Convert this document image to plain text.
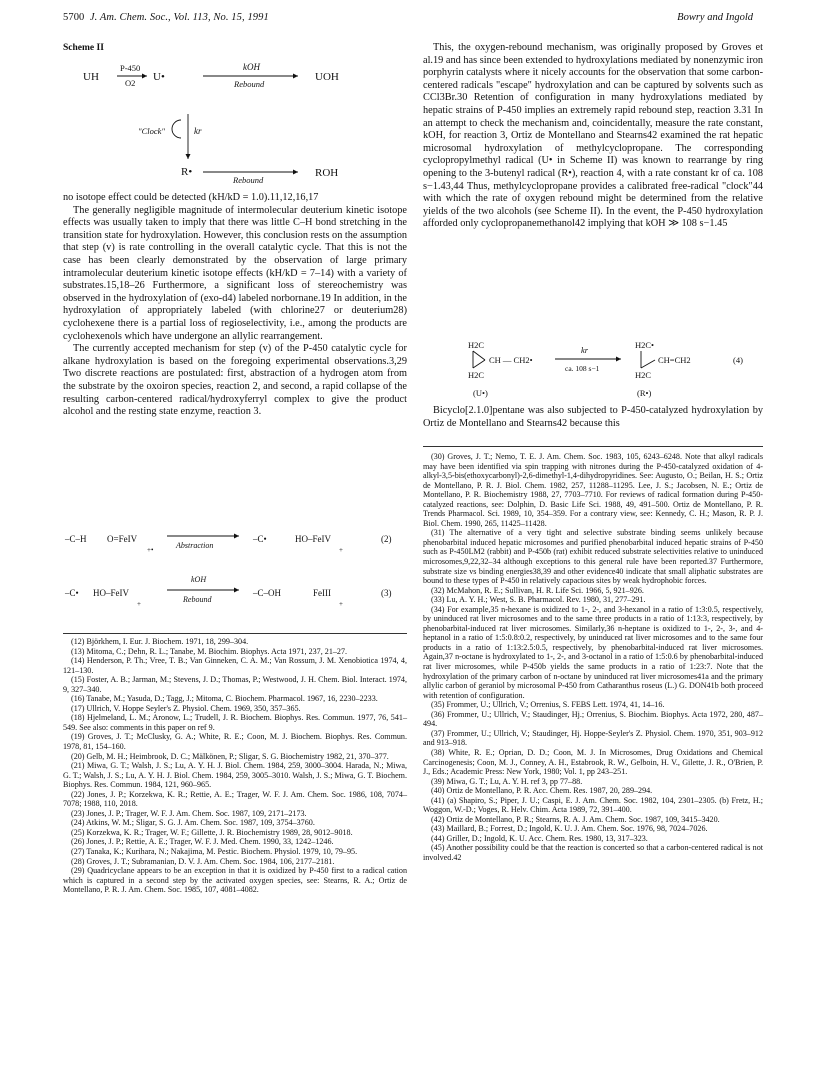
5700 J. Am. Chem. Soc., Vol. 113, No. 15, 1991	Bowry and Ingold
Scheme II
UH
P-450
O2 U•
kOH
Rebound
UOH
"Clock"	kr
R•
Rebound
ROH

no isotope effect could be detected (kH/kD = 1.0).11,12,16,17

The generally negligible magnitude of intermolecular deuterium kinetic isotope effects was usually taken to imply that there was little C–H bond stretching in the transition state for hydroxylation. However, this conclusion rests on the assumption that step (v) is rate controlling in the overall catalytic cycle. That this is not the case has been clearly demonstrated by the observation of large primary intramolecular deuterium kinetic isotope effects (kH/kD = 7–14) with a variety of substrates.15,18–26 Furthermore, a significant loss of stereochemistry was observed in the hydroxylation of (exo-d4) labeled norbornane.19 In addition, in the hydroxylation of appropriately labeled (with chlorine27 or deuterium28) cyclohexene there is a partial loss of regioselectivity, i.e., among the products are cyclohexenols which have undergone an allylic rearrangement.

The currently accepted mechanism for step (v) of the P-450 catalytic cycle for alkane hydroxylation is based on the foregoing experimental observations.3,29 Two discrete reactions are postulated: first, abstraction of a hydrogen atom from the substrate by the oxoiron species, reaction 2, and second, a rapid collapse of the resulting carbon-centered radical/hydroxyferryl complex to give the product alcohol and the resting state enzyme, reaction 3.

–C–H O=FeIV
+•	Abstraction
–C•	HO–FeIV
+
(2)
–C• HO–FeIV
+
kOH
Rebound
–C–OH	FeIII
+
(3)

(12) Björkhem, I. Eur. J. Biochem. 1971, 18, 299–304.

(13) Mitoma, C.; Dehn, R. L.; Tanabe, M. Biochim. Biophys. Acta 1971, 237, 21–27.

(14) Henderson, P. Th.; Vree, T. B.; Van Ginneken, C. A. M.; Van Rossum, J. M. Xenobiotica 1974, 4, 121–130.

(15) Foster, A. B.; Jarman, M.; Stevens, J. D.; Thomas, P.; Westwood, J. H. Chem. Biol. Interact. 1974, 9, 327–340.

(16) Tanabe, M.; Yasuda, D.; Tagg, J.; Mitoma, C. Biochem. Pharmacol. 1967, 16, 2230–2233.

(17) Ullrich, V. Hoppe Seyler's Z. Physiol. Chem. 1969, 350, 357–365.

(18) Hjelmeland, L. M.; Aronow, L.; Trudell, J. R. Biochem. Biophys. Res. Commun. 1977, 76, 541–549. See also: comments in this paper on ref 9.

(19) Groves, J. T.; McClusky, G. A.; White, R. E.; Coon, M. J. Biochem. Biophys. Res. Commun. 1978, 81, 154–160.

(20) Gelb, M. H.; Heimbrook, D. C.; Mälkönen, P.; Sligar, S. G. Biochemistry 1982, 21, 370–377.

(21) Miwa, G. T.; Walsh, J. S.; Lu, A. Y. H. J. Biol. Chem. 1984, 259, 3000–3004. Harada, N.; Miwa, G. T.; Walsh, J. S.; Lu, A. Y. H. J. Biol. Chem. 1984, 259, 3005–3010. Walsh, J. S.; Miwa, G. T. Biochem. Biophys. Res. Commun. 1984, 121, 960–965.

(22) Jones, J. P.; Korzekwa, K. R.; Rettie, A. E.; Trager, W. F. J. Am. Chem. Soc. 1986, 108, 7074–7078; 1988, 110, 2018.

(23) Jones, J. P.; Trager, W. F. J. Am. Chem. Soc. 1987, 109, 2171–2173.

(24) Atkins, W. M.; Sligar, S. G. J. Am. Chem. Soc. 1987, 109, 3754–3760.

(25) Korzekwa, K. R.; Trager, W. F.; Gillette, J. R. Biochemistry 1989, 28, 9012–9018.

(26) Jones, J. P.; Rettie, A. E.; Trager, W. F. J. Med. Chem. 1990, 33, 1242–1246.

(27) Tanaka, K.; Kurihara, N.; Nakajima, M. Pestic. Biochem. Physiol. 1979, 10, 79–95.

(28) Groves, J. T.; Subramanian, D. V. J. Am. Chem. Soc. 1984, 106, 2177–2181.

(29) Quadricyclane appears to be an exception in that it is oxidized by P-450 first to a radical cation which is captured in a second step by the activated oxygen species, see: Stearns, R. A.; Ortiz de Montellano, P. R. J. Am. Chem. Soc. 1985, 107, 4081–4082.

This, the oxygen-rebound mechanism, was originally proposed by Groves et al.19 and has since been extended to hydroxylations mediated by nonenzymic iron porphyrin catalysts where it nicely accounts for the observation that some carbon-centered radicals "escape" hydroxylation and can be captured by solvents such as CCl3Br.30 Retention of configuration in many hydroxylations mediated by hepatic strains of P-450 implies an extremely rapid rebound step, reaction 3.31 In an attempt to check the mechanism and, coincidentally, measure the rate constant, kOH, for reaction 3, Ortiz de Montellano and Stearns42 examined the rat hepatic microsomal hydroxylation of methylcyclopropane. The corresponding cyclopropylmethyl radical (U• in Scheme II) was known to rearrange by ring opening to the 3-butenyl radical (R•), reaction 4, with a rate constant kr of ca. 108 s−1.43,44 Thus, methylcyclopropane provides a calibrated free-radical "clock"44 with which the rate of oxygen rebound might be determined from the relative yields of the two alcohols (see Scheme II). In the event, the P-450 hydroxylation afforded only cyclopropanemethanol42 implying that kOH ≫ 108 s−1.45

H2C
H2C
CH — CH2•
kr
ca. 108 s−1
H2C•
H2C
CH=CH2	(4)
(U•)	(R•)

Bicyclo[2.1.0]pentane was also subjected to P-450-catalyzed hydroxylation by Ortiz de Montellano and Stearns42 because this

(30) Groves, J. T.; Nemo, T. E. J. Am. Chem. Soc. 1983, 105, 6243–6248. Note that alkyl radicals may have been identified via spin trapping with nitrones during the P-450-catalyzed oxidation of 4-alkyl-3,5-bis(ethoxycarbonyl)-2,6-dimethyl-1,4-dihydropyridines. See: Augusto, O.; Beilan, H. S.; Ortiz de Montellano, P. R. J. Biol. Chem. 1982, 257, 11288–11295. Lee, J. S.; Jacobsen, N. E.; Ortiz de Montellano, P. R. Biochemistry 1988, 27, 7703–7710. For reviews of radical formation during P-450-catalyzed reactions, see: Dolphin, D. Basic Life Sci. 1988, 49, 491–500. Ortiz de Montellano, P. R. Trends Pharmacol. Sci. 1989, 10, 354–359. For a contrary view, see: Kennedy, C. H.; Mason, R. P. J. Biol. Chem. 1990, 265, 11425–11428.

(31) The alternative of a very tight and selective substrate binding seems unlikely because phenobarbital induced hepatic microsomes and purified phenobarbital induced hepatic strains of P-450 such as P-450LM2 (rabbit) and P-450b (rat) exhibit reduced substrate selectivities relative to uninduced microsomes,9,22,32–34 although exceptions to this general rule have been reported.37 Furthermore, substrate size vs binding energies38,39 and other evidence40 indicate that small aliphatic substrates are bound to these types of P-450 in relatively capacious sites by weak hydrophobic forces.

(32) McMahon, R. E.; Sullivan, H. R. Life Sci. 1966, 5, 921–926.

(33) Lu, A. Y. H.; West, S. B. Pharmacol. Rev. 1980, 31, 277–291.

(34) For example,35 n-hexane is oxidized to 1-, 2-, and 3-hexanol in a ratio of 1:3:0.5, respectively, by uninduced rat liver microsomes and to the same three products in a ratio of 1:13:3, respectively, by phenobarbital-induced rat liver microsomes. Similarly,36 n-heptane is oxidized to 1-, 2-, 3-, and 4-heptanol in a ratio of 1:5:0.8:0.2, respectively, by uninduced rat liver microsomes and to the same four products in a ratio of 1:13:2.5:0.5, respectively, by phenobarbital-induced rat liver microsomes. Again,37 n-octane is hydroxylated to 1-, 2-, and 3-octanol in a ratio of 1:5:0.6 by phenobarbital-induced rat liver microsomes, while P-450b yields the same products in a ratio of 1:23:7. Note that the hydroxylation of the primary carbon of n-octane by uninduced rat liver microsomes41a and the primary allylic carbon of geraniol by microsomal P-450 from Catharanthus roseus (L.) G. DON41b both proceed with retention of configuration.

(35) Frommer, U.; Ullrich, V.; Orrenius, S. FEBS Lett. 1974, 41, 14–16.

(36) Frommer, U.; Ullrich, V.; Staudinger, Hj.; Orrenius, S. Biochim. Biophys. Acta 1972, 280, 487–494.

(37) Frommer, U.; Ullrich, V.; Staudinger, Hj. Hoppe-Seyler's Z. Physiol. Chem. 1970, 351, 903–912 and 913–918.

(38) White, R. E.; Oprian, D. D.; Coon, M. J. In Microsomes, Drug Oxidations and Chemical Carcinogenesis; Coon, M. J., Conney, A. H., Estabrook, R. W., Gelboin, H. V., Gilette, J. R., O'Brien, P. J., Eds.; Academic Press: New York, 1980; Vol. 1, pp 243–251.

(39) Miwa, G. T.; Lu, A. Y. H. ref 3, pp 77–88.

(40) Ortiz de Montellano, P. R. Acc. Chem. Res. 1987, 20, 289–294.

(41) (a) Shapiro, S.; Piper, J. U.; Caspi, E. J. Am. Chem. Soc. 1982, 104, 2301–2305. (b) Fretz, H.; Woggon, W.-D.; Voges, R. Helv. Chim. Acta 1989, 72, 391–400.

(42) Ortiz de Montellano, P. R.; Stearns, R. A. J. Am. Chem. Soc. 1987, 109, 3415–3420.

(43) Maillard, B.; Forrest, D.; Ingold, K. U. J. Am. Chem. Soc. 1976, 98, 7024–7026.

(44) Griller, D.; Ingold, K. U. Acc. Chem. Res. 1980, 13, 317–323.

(45) Another possibility could be that the reaction is concerted so that a carbon-centered radical is not involved.42
